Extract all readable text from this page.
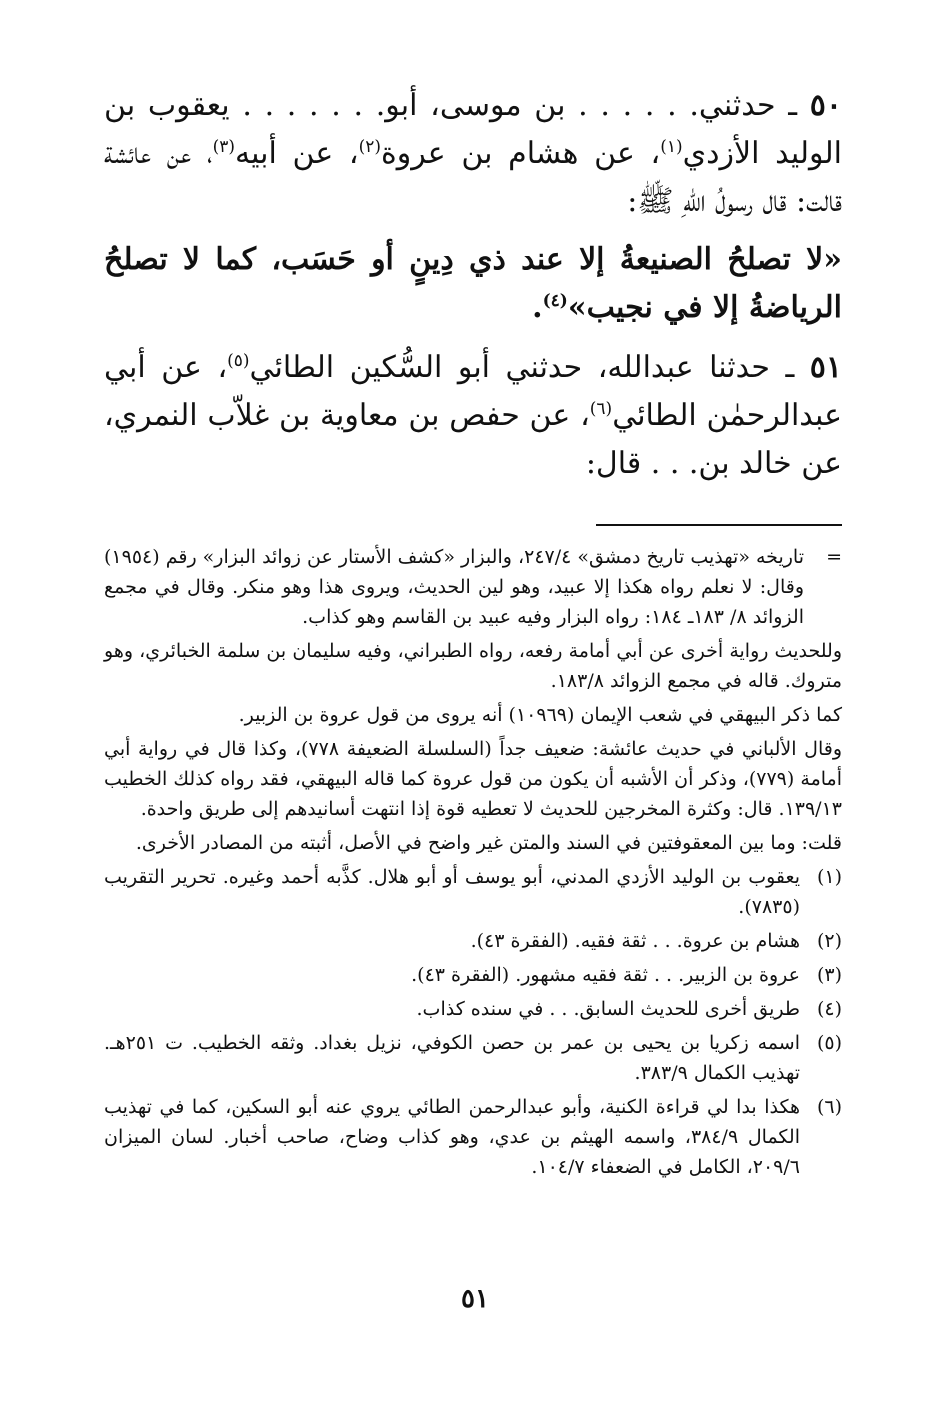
٥٠ ـ حدثني. . . . . . بن موسى، أبو. . . . . . . يعقوب بن الوليد الأزدي$^{(١)}$، عن هشام بن عروة$^{(٢)}$، عن أبيه$^{(٣)}$، عن عائشة قالت: قال رسولُ اللّهِ ﷺ:

«لا تصلحُ الصنيعةُ إلا عند ذي دِينٍ أو حَسَب، كما لا تصلحُ الرياضةُ إلا في نجيب»$^{(٤)}$.

٥١ ـ حدثنا عبدالله، حدثني أبو السُّكين الطائي$^{(٥)}$، عن أبي عبدالرحمٰن الطائي$^{(٦)}$، عن حفص بن معاوية بن غلاّب النمري، عن خالد بن. . . قال:

=
تاريخه «تهذيب تاريخ دمشق» ٢٤٧/٤، والبزار «كشف الأستار عن زوائد البزار» رقم (١٩٥٤) وقال: لا نعلم رواه هكذا إلا عبيد، وهو لين الحديث، ويروى هذا وهو منكر. وقال في مجمع الزوائد ٨/ ١٨٣ـ ١٨٤: رواه البزار وفيه عبيد بن القاسم وهو كذاب.

وللحديث رواية أخرى عن أبي أمامة رفعه، رواه الطبراني، وفيه سليمان بن سلمة الخبائري، وهو متروك. قاله في مجمع الزوائد ١٨٣/٨.

كما ذكر البيهقي في شعب الإيمان (١٠٩٦٩) أنه يروى من قول عروة بن الزبير.

وقال الألباني في حديث عائشة: ضعيف جداً (السلسلة الضعيفة ٧٧٨)، وكذا قال في رواية أبي أمامة (٧٧٩)، وذكر أن الأشبه أن يكون من قول عروة كما قاله البيهقي، فقد رواه كذلك الخطيب ١٣٩/١٣. قال: وكثرة المخرجين للحديث لا تعطيه قوة إذا انتهت أسانيدهم إلى طريق واحدة.

قلت: وما بين المعقوفتين في السند والمتن غير واضح في الأصل، أثبته من المصادر الأخرى.

(١)
يعقوب بن الوليد الأزدي المدني، أبو يوسف أو أبو هلال. كذَّبه أحمد وغيره. تحرير التقريب (٧٨٣٥).
(٢)
هشام بن عروة. . . ثقة فقيه. (الفقرة ٤٣).
(٣)
عروة بن الزبير. . . ثقة فقيه مشهور. (الفقرة ٤٣).
(٤)
طريق أخرى للحديث السابق. . . في سنده كذاب.
(٥)
اسمه زكريا بن يحيى بن عمر بن حصن الكوفي، نزيل بغداد. وثقه الخطيب. ت ٢٥١هـ. تهذيب الكمال ٣٨٣/٩.
(٦)
هكذا بدا لي قراءة الكنية، وأبو عبدالرحمن الطائي يروي عنه أبو السكين، كما في تهذيب الكمال ٣٨٤/٩، واسمه الهيثم بن عدي، وهو كذاب وضاح، صاحب أخبار. لسان الميزان ٢٠٩/٦، الكامل في الضعفاء ١٠٤/٧.
٥١
